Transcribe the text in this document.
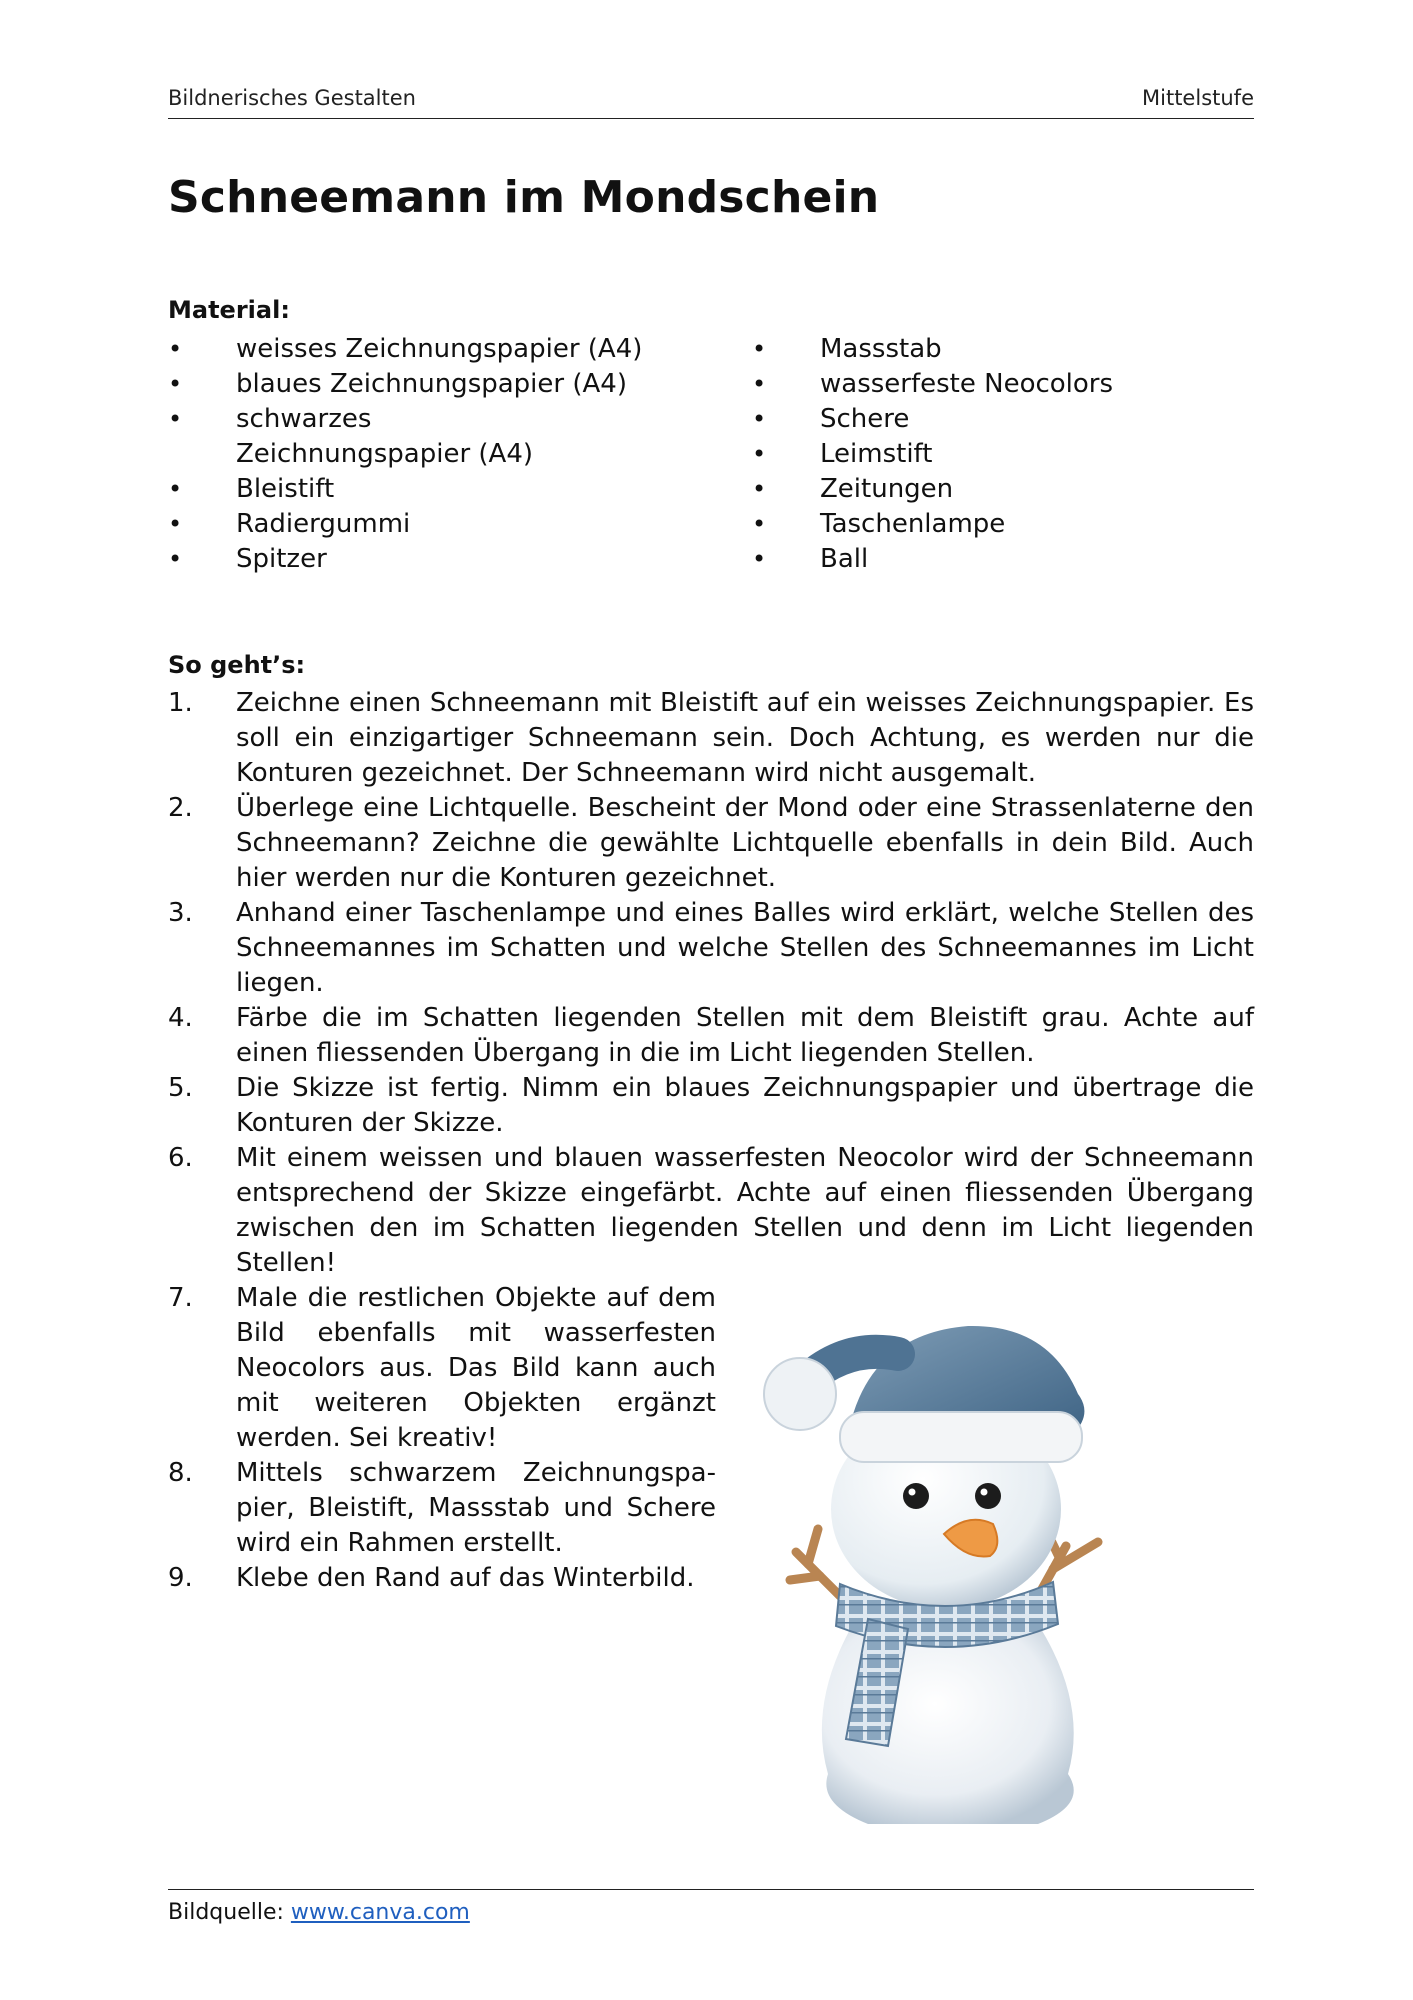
Bildnerisches Gestalten	Mittelstufe
Schneemann im Mondschein
Material:
• weisses Zeichnungspapier (A4)
• blaues Zeichnungspapier (A4)
• schwarzes Zeichnungspapier (A4)
• Bleistift
• Radiergummi
• Spitzer
• Massstab
• wasserfeste Neocolors
• Schere
• Leimstift
• Zeitungen
• Taschenlampe
• Ball
So geht’s:
1. Zeichne einen Schneemann mit Bleistift auf ein weisses Zeichnungspapier. Es soll ein einzigartiger Schneemann sein. Doch Achtung, es werden nur die Konturen gezeichnet. Der Schneemann wird nicht ausgemalt.
2. Überlege eine Lichtquelle. Bescheint der Mond oder eine Strassenlaterne den Schneemann? Zeichne die gewählte Lichtquelle ebenfalls in dein Bild. Auch hier werden nur die Konturen gezeichnet.
3. Anhand einer Taschenlampe und eines Balles wird erklärt, welche Stellen des Schneemannes im Schatten und welche Stellen des Schneemannes im Licht liegen.
4. Färbe die im Schatten liegenden Stellen mit dem Bleistift grau. Achte auf einen fliessenden Übergang in die im Licht liegenden Stellen.
5. Die Skizze ist fertig. Nimm ein blaues Zeichnungspapier und übertrage die Konturen der Skizze.
6. Mit einem weissen und blauen wasserfesten Neocolor wird der Schneemann entsprechend der Skizze eingefärbt. Achte auf einen fliessenden Übergang zwischen den im Schatten liegenden Stellen und denn im Licht liegenden Stellen!
7. Male die restlichen Objekte auf dem Bild ebenfalls mit wasserfesten Neocolors aus. Das Bild kann auch mit weiteren Objekten ergänzt werden. Sei kreativ!
8. Mittels schwarzem Zeichnungspapier, Bleistift, Massstab und Schere wird ein Rahmen erstellt.
9. Klebe den Rand auf das Winterbild.
Bildquelle: www.canva.com
